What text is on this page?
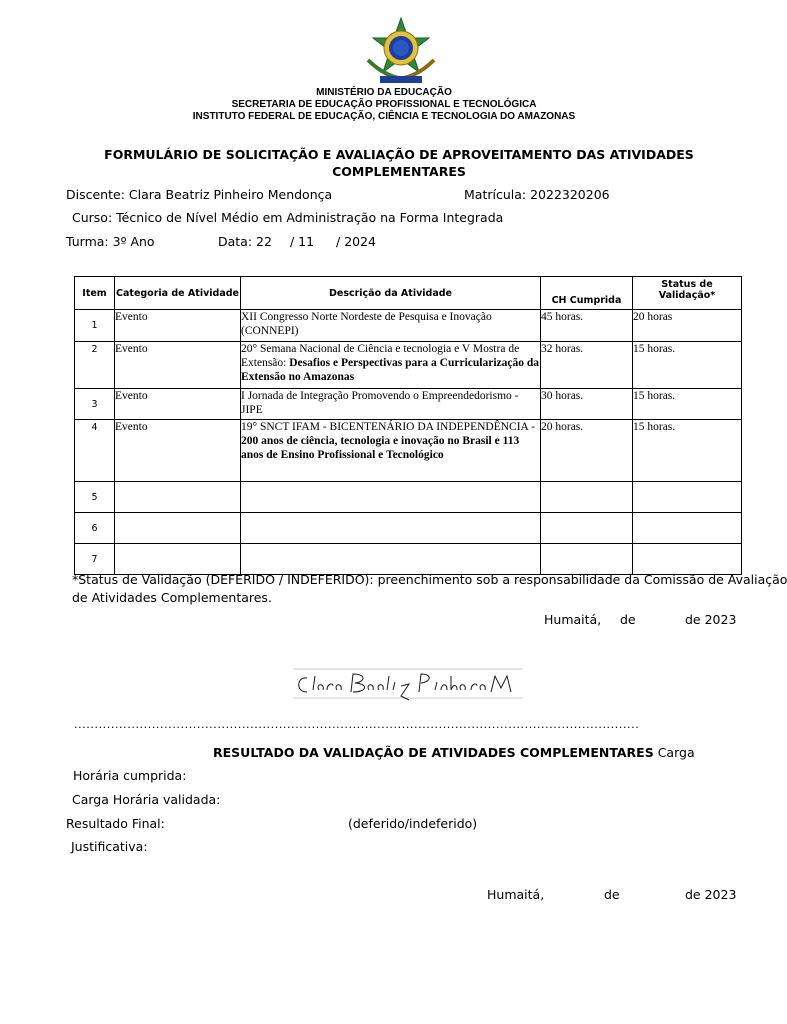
MINISTÉRIO DA EDUCAÇÃO
SECRETARIA DE EDUCAÇÃO PROFISSIONAL E TECNOLÓGICA
INSTITUTO FEDERAL DE EDUCAÇÃO, CIÊNCIA E TECNOLOGIA DO AMAZONAS
FORMULÁRIO DE SOLICITAÇÃO E AVALIAÇÃO DE APROVEITAMENTO DAS ATIVIDADES COMPLEMENTARES
Discente: Clara Beatriz Pinheiro Mendonça	Matrícula: 2022320206
Curso: Técnico de Nível Médio em Administração na Forma Integrada
Turma: 3º Ano	Data: 22 / 11 / 2024
Item	Categoria de Atividade	Descrição da Atividade	CH Cumprida	Status de Validação*
1	Evento	XII Congresso Norte Nordeste de Pesquisa e Inovação (CONNEPI)	45 horas.	20 horas
2	Evento	20° Semana Nacional de Ciência e tecnologia e V Mostra de Extensão: Desafios e Perspectivas para a Curricularização da Extensão no Amazonas	32 horas.	15 horas.
3	Evento	I Jornada de Integração Promovendo o Empreendedorismo - JIPE	30 horas.	15 horas.
4	Evento	19° SNCT IFAM - BICENTENÁRIO DA INDEPENDÊNCIA - 200 anos de ciência, tecnologia e inovação no Brasil e 113 anos de Ensino Profissional e Tecnológico	20 horas.	15 horas.
5				
6				
7				
*Status de Validação (DEFERIDO / INDEFERIDO): preenchimento sob a responsabilidade da Comissão de Avaliação
de Atividades Complementares.
Humaitá, de	de 2023
..........................................................................................................................................
RESULTADO DA VALIDAÇÃO DE ATIVIDADES COMPLEMENTARES Carga
Horária cumprida:
Carga Horária validada:
Resultado Final:	(deferido/indeferido)
Justificativa:
Humaitá,	de	de 2023
